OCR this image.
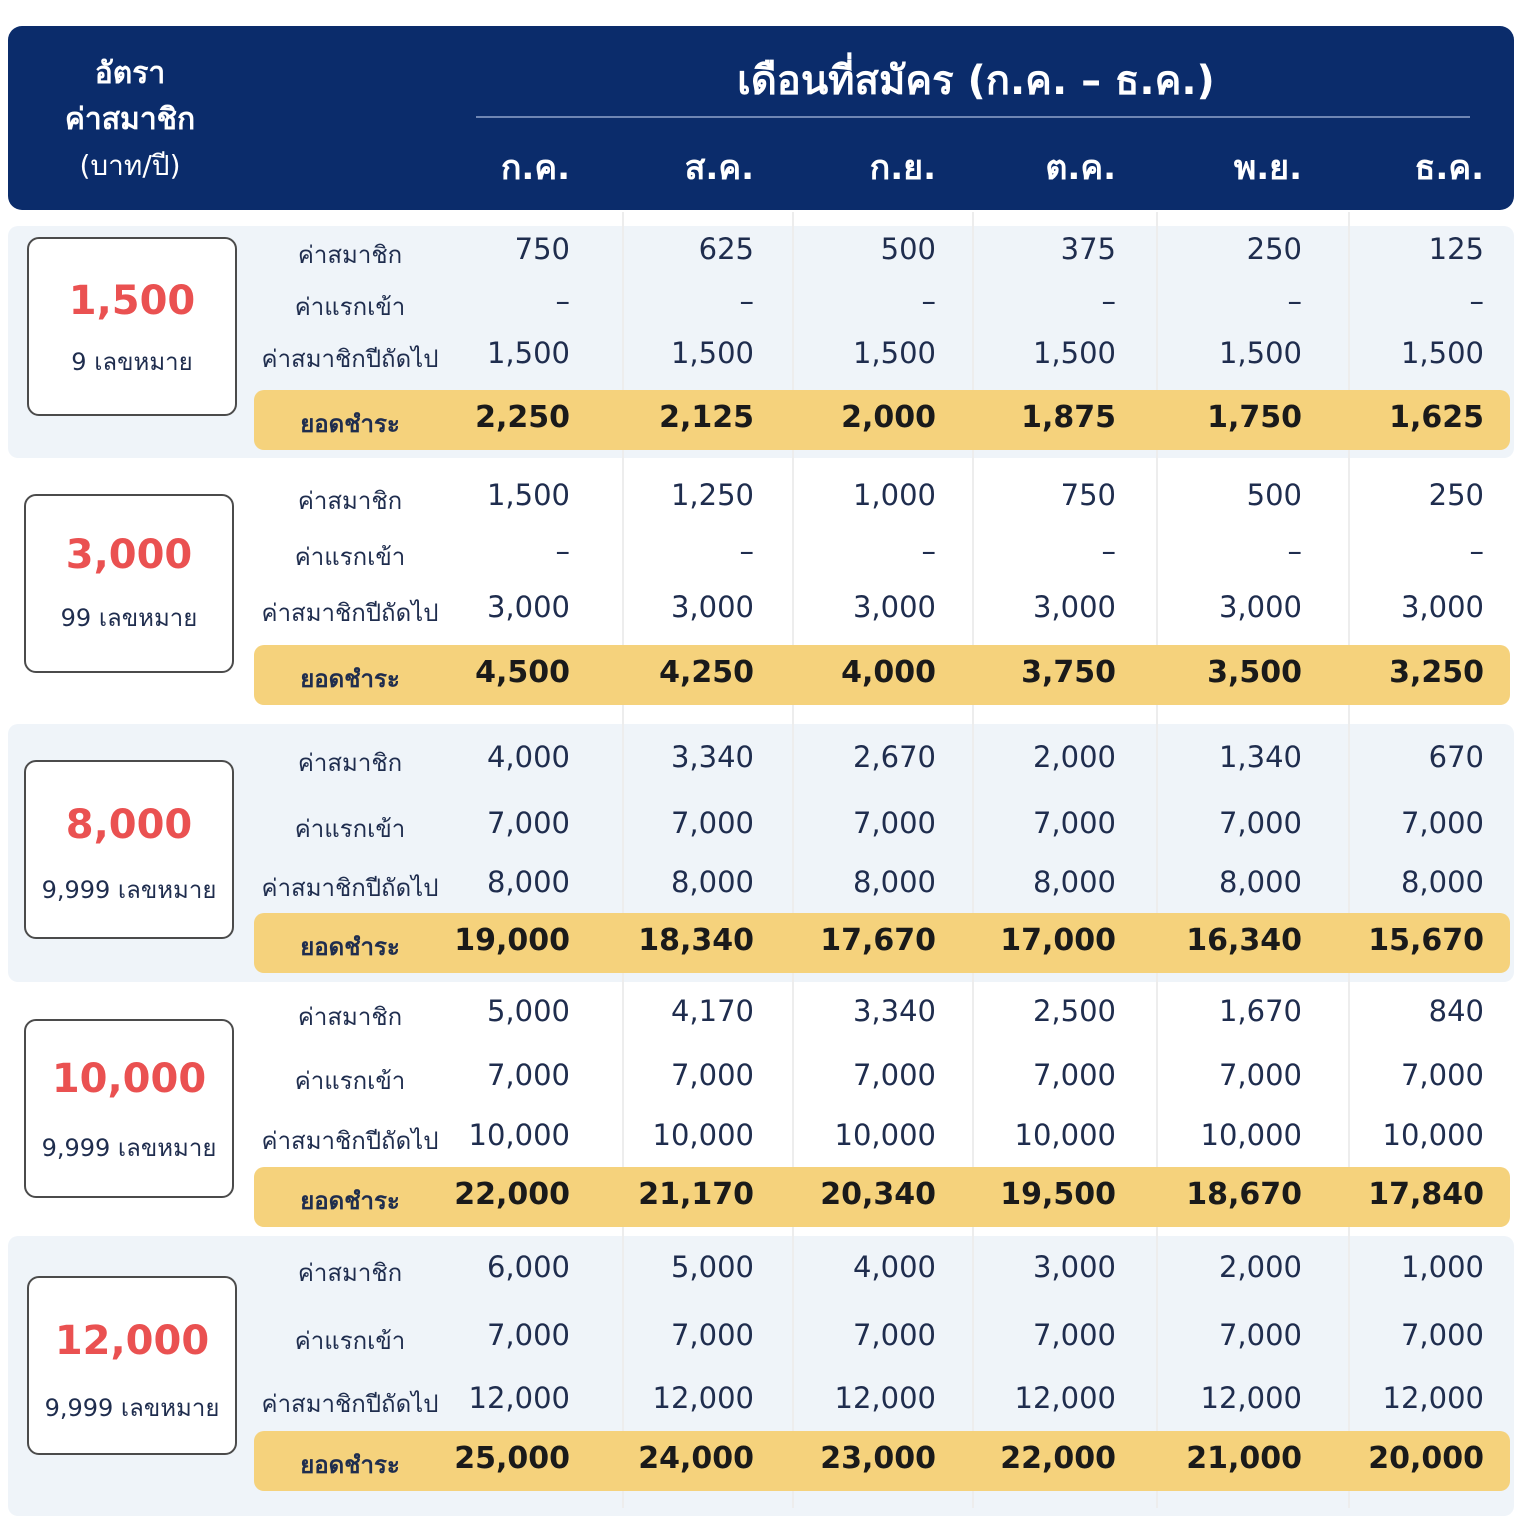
อัตรา
ค่าสมาชิก
(บาท/ปี)
เดือนที่สมัคร (ก.ค. – ธ.ค.)
1,500
9 เลขหมาย
ค่าสมาชิก	750	625	500	375	250	125
ค่าแรกเข้า	–	–	–	–	–	–
ค่าสมาชิกปีถัดไป	1,500	1,500	1,500	1,500	1,500	1,500
ยอดชำระ	2,250	2,125	2,000	1,875	1,750	1,625
3,000
99 เลขหมาย
ค่าสมาชิก	1,500	1,250	1,000	750	500	250
ค่าแรกเข้า	–	–	–	–	–	–
ค่าสมาชิกปีถัดไป	3,000	3,000	3,000	3,000	3,000	3,000
ยอดชำระ	4,500	4,250	4,000	3,750	3,500	3,250
8,000
9,999 เลขหมาย
ค่าสมาชิก	4,000	3,340	2,670	2,000	1,340	670
ค่าแรกเข้า	7,000	7,000	7,000	7,000	7,000	7,000
ค่าสมาชิกปีถัดไป	8,000	8,000	8,000	8,000	8,000	8,000
ยอดชำระ	19,000	18,340	17,670	17,000	16,340	15,670
10,000
9,999 เลขหมาย
ค่าสมาชิก	5,000	4,170	3,340	2,500	1,670	840
ค่าแรกเข้า	7,000	7,000	7,000	7,000	7,000	7,000
ค่าสมาชิกปีถัดไป	10,000	10,000	10,000	10,000	10,000	10,000
ยอดชำระ	22,000	21,170	20,340	19,500	18,670	17,840
12,000
9,999 เลขหมาย
ค่าสมาชิก	6,000	5,000	4,000	3,000	2,000	1,000
ค่าแรกเข้า	7,000	7,000	7,000	7,000	7,000	7,000
ค่าสมาชิกปีถัดไป	12,000	12,000	12,000	12,000	12,000	12,000
ยอดชำระ	25,000	24,000	23,000	22,000	21,000	20,000
ก.ค.	ส.ค.	ก.ย.	ต.ค.	พ.ย.	ธ.ค.
